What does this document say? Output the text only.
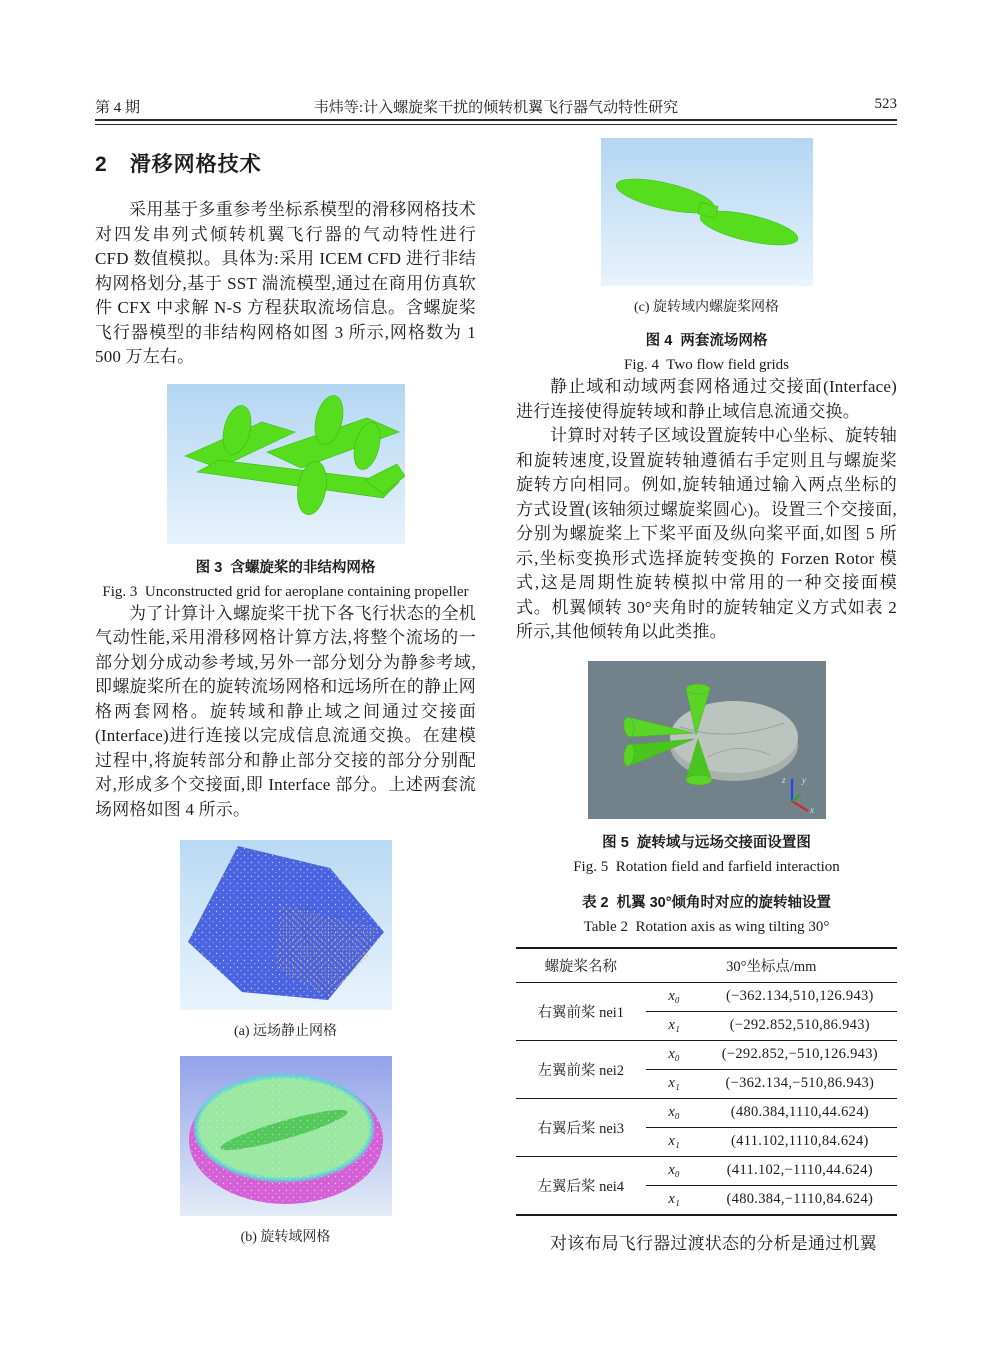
第 4 期	韦炜等:计入螺旋桨干扰的倾转机翼飞行器气动特性研究	523
2 滑移网格技术

采用基于多重参考坐标系模型的滑移网格技术对四发串列式倾转机翼飞行器的气动特性进行 CFD 数值模拟。具体为:采用 ICEM CFD 进行非结构网格划分,基于 SST 湍流模型,通过在商用仿真软件 CFX 中求解 N-S 方程获取流场信息。含螺旋桨飞行器模型的非结构网格如图 3 所示,网格数为 1 500 万左右。

图 3  含螺旋桨的非结构网格
Fig. 3  Unconstructed grid for aeroplane containing propeller

为了计算计入螺旋桨干扰下各飞行状态的全机气动性能,采用滑移网格计算方法,将整个流场的一部分划分成动参考域,另外一部分划分为静参考域,即螺旋桨所在的旋转流场网格和远场所在的静止网格两套网格。旋转域和静止域之间通过交接面(Interface)进行连接以完成信息流通交换。在建模过程中,将旋转部分和静止部分交接的部分分别配对,形成多个交接面,即 Interface 部分。上述两套流场网格如图 4 所示。

(a) 远场静止网格
(b) 旋转域网格
(c) 旋转域内螺旋桨网格
图 4  两套流场网格
Fig. 4  Two flow field grids

静止域和动域两套网格通过交接面(Interface)进行连接使得旋转域和静止域信息流通交换。

计算时对转子区域设置旋转中心坐标、旋转轴和旋转速度,设置旋转轴遵循右手定则且与螺旋桨旋转方向相同。例如,旋转轴通过输入两点坐标的方式设置(该轴须过螺旋桨圆心)。设置三个交接面,分别为螺旋桨上下桨平面及纵向桨平面,如图 5 所示,坐标变换形式选择旋转变换的 Forzen Rotor 模式,这是周期性旋转模拟中常用的一种交接面模式。机翼倾转 30°夹角时的旋转轴定义方式如表 2 所示,其他倾转角以此类推。

z y
x
图 5  旋转域与远场交接面设置图
Fig. 5  Rotation field and farfield interaction
表 2  机翼 30°倾角时对应的旋转轴设置
Table 2  Rotation axis as wing tilting 30°
螺旋桨名称	30°坐标点/mm	
右翼前桨 nei1	x₀	(−362.134,510,126.943)
	x₁	(−292.852,510,86.943)
左翼前桨 nei2	x₀	(−292.852,−510,126.943)
	x₁	(−362.134,−510,86.943)
右翼后桨 nei3	x₀	(480.384,1110,44.624)
	x₁	(411.102,1110,84.624)
左翼后桨 nei4	x₀	(411.102,−1110,44.624)
	x₁	(480.384,−1110,84.624)

对该布局飞行器过渡状态的分析是通过机翼
